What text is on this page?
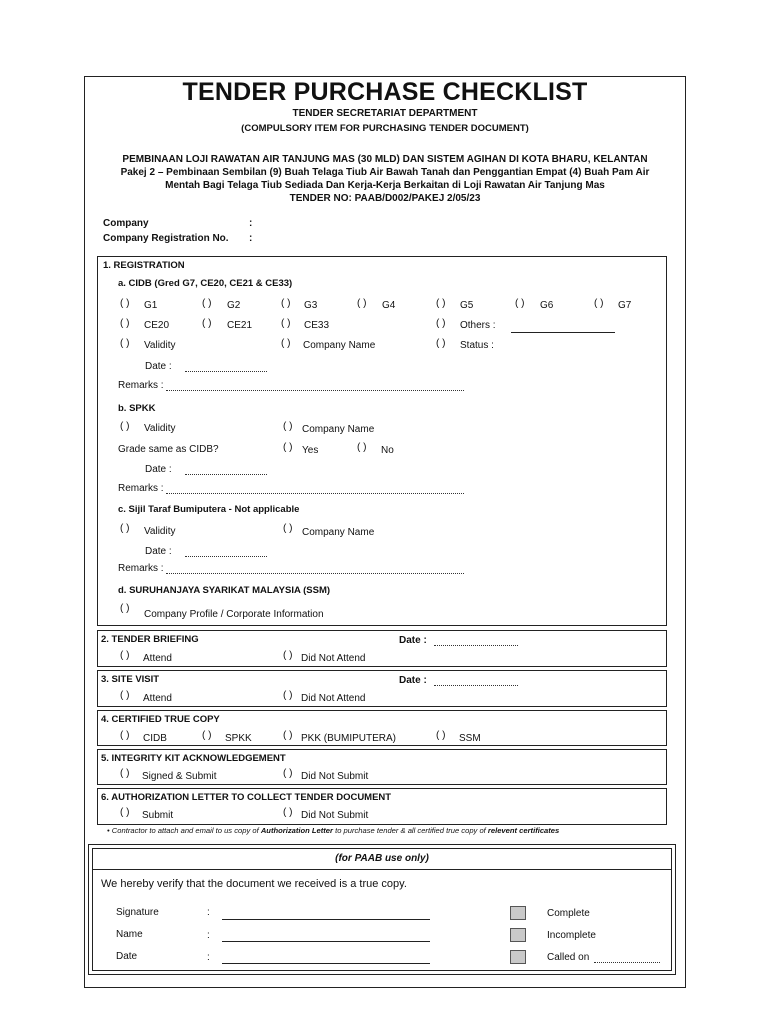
TENDER PURCHASE CHECKLIST
TENDER SECRETARIAT DEPARTMENT
(COMPULSORY ITEM FOR PURCHASING TENDER DOCUMENT)
PEMBINAAN LOJI RAWATAN AIR TANJUNG MAS (30 MLD) DAN SISTEM AGIHAN DI KOTA BHARU, KELANTAN
Pakej 2 – Pembinaan Sembilan (9) Buah Telaga Tiub Air Bawah Tanah dan Penggantian Empat (4) Buah Pam Air
Mentah Bagi Telaga Tiub Sediada Dan Kerja-Kerja Berkaitan di Loji Rawatan Air Tanjung Mas
TENDER NO: PAAB/D002/PAKEJ 2/05/23
Company	:
Company Registration No. :
1. REGISTRATION
a. CIDB (Gred G7, CE20, CE21 & CE33)
( ) G1	( ) G2	( ) G3	( ) G4	( ) G5	( ) G6	( ) G7
( ) CE20	( ) CE21	( ) CE33	( ) Others :
( ) Validity	( ) Company Name	( ) Status :
Date :
Remarks :
b. SPKK
( ) Validity	( ) Company Name
Grade same as CIDB?	( ) Yes	( ) No
Date :
Remarks :
c. Sijil Taraf Bumiputera - Not applicable
( ) Validity	( ) Company Name
Date :
Remarks :
d. SURUHANJAYA SYARIKAT MALAYSIA (SSM)
( )
Company Profile / Corporate Information
2. TENDER BRIEFING	Date :
( ) Attend	( ) Did Not Attend
3. SITE VISIT	Date :
( ) Attend	( ) Did Not Attend
4. CERTIFIED TRUE COPY
( ) CIDB	( ) SPKK	( ) PKK (BUMIPUTERA)	( ) SSM
5. INTEGRITY KIT ACKNOWLEDGEMENT
( ) Signed & Submit	( ) Did Not Submit
6. AUTHORIZATION LETTER TO COLLECT TENDER DOCUMENT
( ) Submit	( ) Did Not Submit
• Contractor to attach and email to us copy of Authorization Letter to purchase tender & all certified true copy of relevent certificates
(for PAAB use only)
We hereby verify that the document we received is a true copy.
Signature	:
Name	:
Date	:
Complete
Incomplete
Called on
